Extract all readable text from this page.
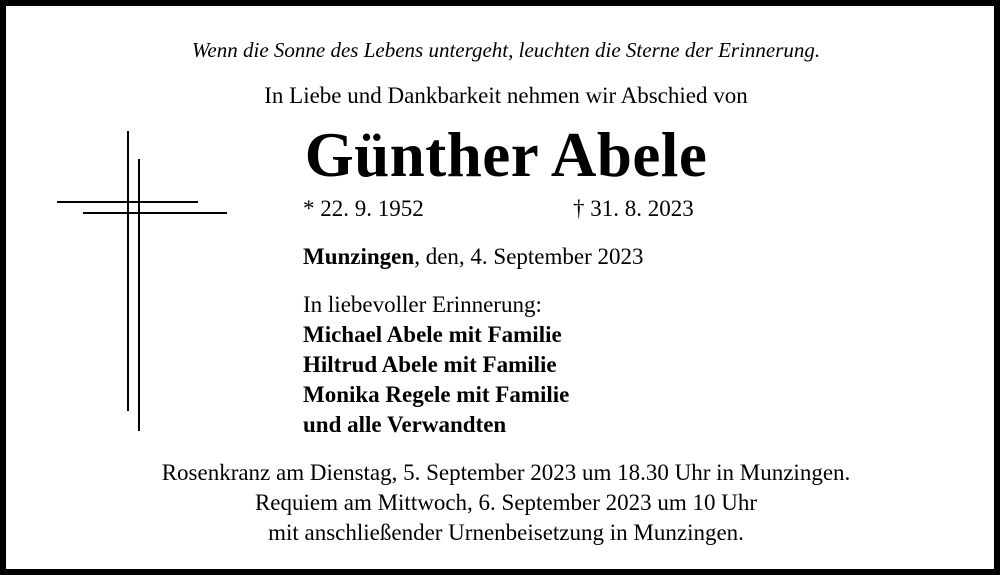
Wenn die Sonne des Lebens untergeht, leuchten die Sterne der Erinnerung.
In Liebe und Dankbarkeit nehmen wir Abschied von
Günther Abele
* 22. 9. 1952	† 31. 8. 2023
Munzingen, den, 4. September 2023
In liebevoller Erinnerung:
Michael Abele mit Familie
Hiltrud Abele mit Familie
Monika Regele mit Familie
und alle Verwandten
Rosenkranz am Dienstag, 5. September 2023 um 18.30 Uhr in Munzingen.
Requiem am Mittwoch, 6. September 2023 um 10 Uhr
mit anschließender Urnenbeisetzung in Munzingen.
